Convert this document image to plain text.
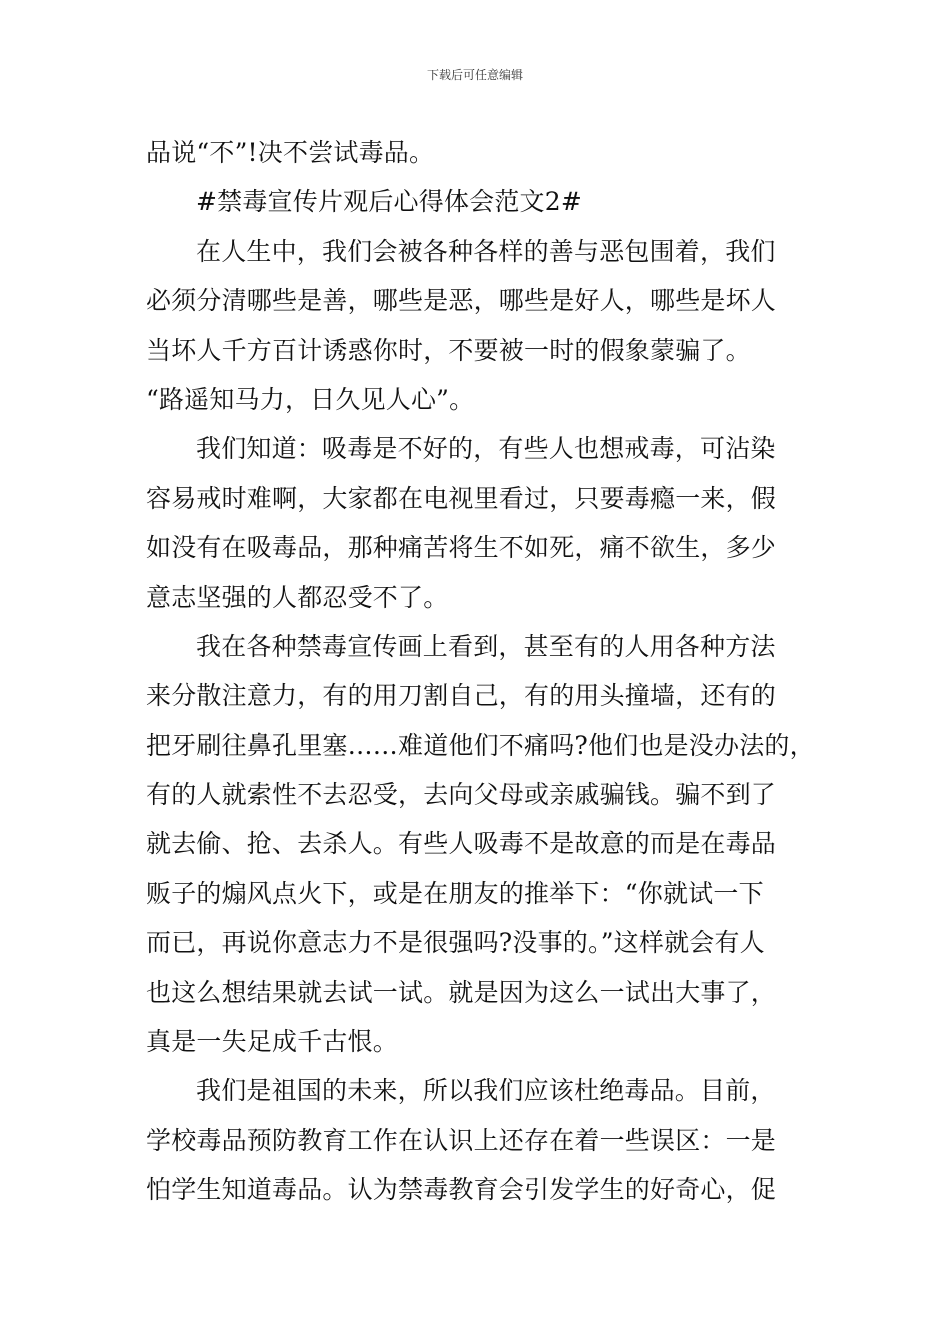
下载后可任意编辑
品说“不”!决不尝试毒品。
#禁毒宣传片观后心得体会范文2#
在人生中，我们会被各种各样的善与恶包围着，我们
必须分清哪些是善，哪些是恶，哪些是好人，哪些是坏人
当坏人千方百计诱惑你时，不要被一时的假象蒙骗了。
“路遥知马力，日久见人心”。
我们知道：吸毒是不好的，有些人也想戒毒，可沾染
容易戒时难啊，大家都在电视里看过，只要毒瘾一来，假
如没有在吸毒品，那种痛苦将生不如死，痛不欲生，多少
意志坚强的人都忍受不了。
我在各种禁毒宣传画上看到，甚至有的人用各种方法
来分散注意力，有的用刀割自己，有的用头撞墙，还有的
把牙刷往鼻孔里塞……难道他们不痛吗?他们也是没办法的，
有的人就索性不去忍受，去向父母或亲戚骗钱。骗不到了
就去偷、抢、去杀人。有些人吸毒不是故意的而是在毒品
贩子的煽风点火下，或是在朋友的推举下：“你就试一下
而已，再说你意志力不是很强吗?没事的。”这样就会有人
也这么想结果就去试一试。就是因为这么一试出大事了，
真是一失足成千古恨。
我们是祖国的未来，所以我们应该杜绝毒品。目前，
学校毒品预防教育工作在认识上还存在着一些误区：一是
怕学生知道毒品。认为禁毒教育会引发学生的好奇心，促
